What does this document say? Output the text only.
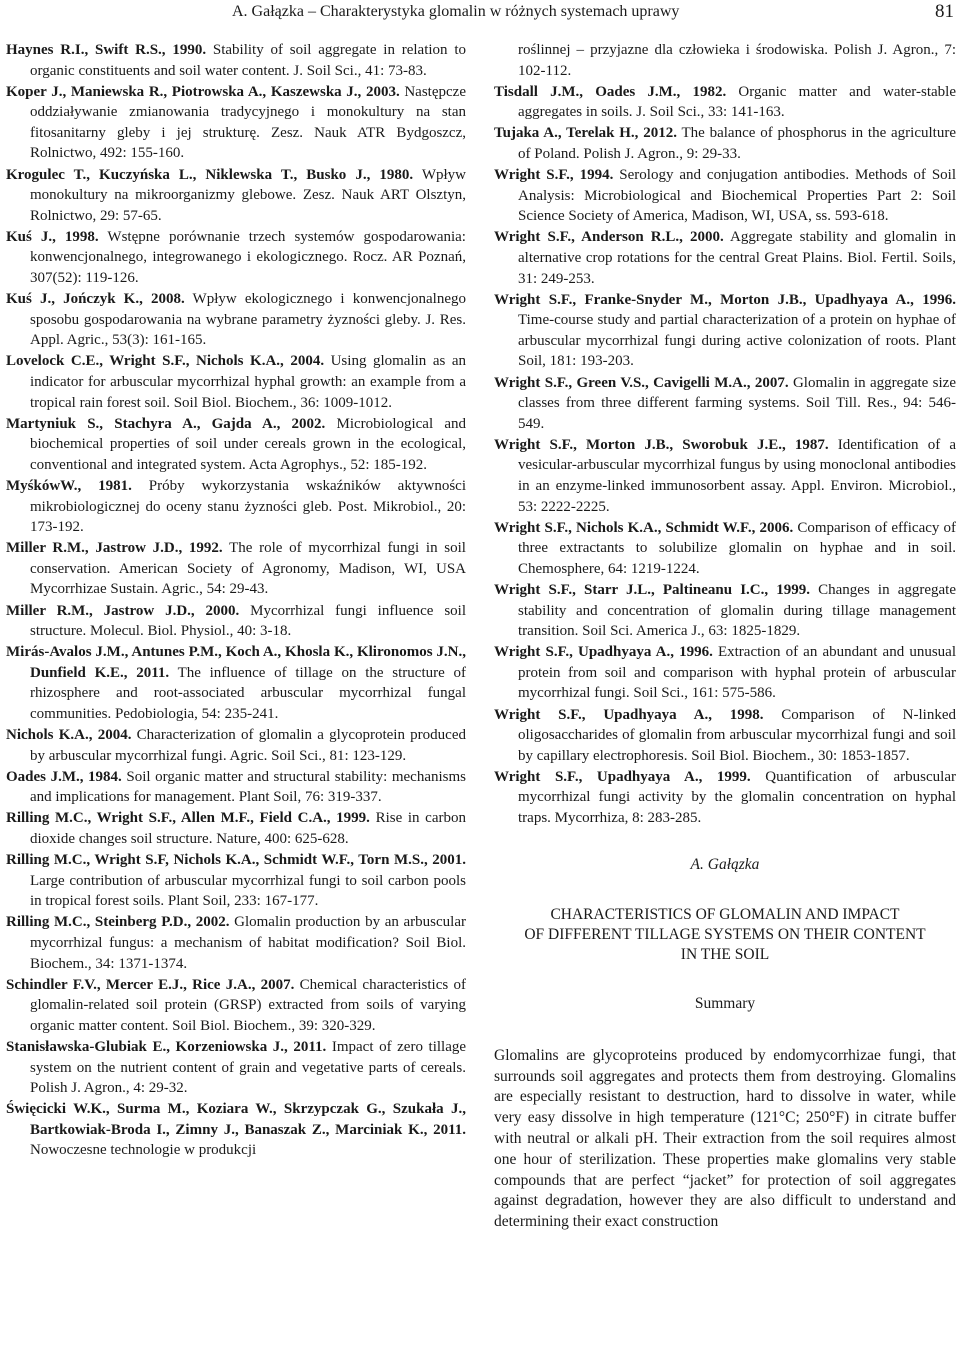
A. Gałązka – Charakterystyka glomalin w różnych systemach uprawy	81

Haynes R.I., Swift R.S., 1990. Stability of soil aggregate in relation to organic constituents and soil water content. J. Soil Sci., 41: 73-83.

Koper J., Maniewska R., Piotrowska A., Kaszewska J., 2003. Następcze oddziaływanie zmianowania tradycyjnego i monokultury na stan fitosanitarny gleby i jej strukturę. Zesz. Nauk ATR Bydgoszcz, Rolnictwo, 492: 155-160.

Krogulec T., Kuczyńska L., Niklewska T., Busko J., 1980. Wpływ monokultury na mikroorganizmy glebowe. Zesz. Nauk ART Olsztyn, Rolnictwo, 29: 57-65.

Kuś J., 1998. Wstępne porównanie trzech systemów gospodarowania: konwencjonalnego, integrowanego i ekologicznego. Rocz. AR Poznań, 307(52): 119-126.

Kuś J., Jończyk K., 2008. Wpływ ekologicznego i konwencjonalnego sposobu gospodarowania na wybrane parametry żyzności gleby. J. Res. Appl. Agric., 53(3): 161-165.

Lovelock C.E., Wright S.F., Nichols K.A., 2004. Using glomalin as an indicator for arbuscular mycorrhizal hyphal growth: an example from a tropical rain forest soil. Soil Biol. Biochem., 36: 1009-1012.

Martyniuk S., Stachyra A., Gajda A., 2002. Microbiological and biochemical properties of soil under cereals grown in the ecological, conventional and integrated system. Acta Agrophys., 52: 185-192.

MyśkówW., 1981. Próby wykorzystania wskaźników aktywności mikrobiologicznej do oceny stanu żyzności gleb. Post. Mikrobiol., 20: 173-192.

Miller R.M., Jastrow J.D., 1992. The role of mycorrhizal fungi in soil conservation. American Society of Agronomy, Madison, WI, USA Mycorrhizae Sustain. Agric., 54: 29-43.

Miller R.M., Jastrow J.D., 2000. Mycorrhizal fungi influence soil structure. Molecul. Biol. Physiol., 40: 3-18.

Mirás-Avalos J.M., Antunes P.M., Koch A., Khosla K., Klironomos J.N., Dunfield K.E., 2011. The influence of tillage on the structure of rhizosphere and root-associated arbuscular mycorrhizal fungal communities. Pedobiologia, 54: 235-241.

Nichols K.A., 2004. Characterization of glomalin a glycoprotein produced by arbuscular mycorrhizal fungi. Agric. Soil Sci., 81: 123-129.

Oades J.M., 1984. Soil organic matter and structural stability: mechanisms and implications for management. Plant Soil, 76: 319-337.

Rilling M.C., Wright S.F., Allen M.F., Field C.A., 1999. Rise in carbon dioxide changes soil structure. Nature, 400: 625-628.

Rilling M.C., Wright S.F, Nichols K.A., Schmidt W.F., Torn M.S., 2001. Large contribution of arbuscular mycorrhizal fungi to soil carbon pools in tropical forest soils. Plant Soil, 233: 167-177.

Rilling M.C., Steinberg P.D., 2002. Glomalin production by an arbuscular mycorrhizal fungus: a mechanism of habitat modification? Soil Biol. Biochem., 34: 1371-1374.

Schindler F.V., Mercer E.J., Rice J.A., 2007. Chemical characteristics of glomalin-related soil protein (GRSP) extracted from soils of varying organic matter content. Soil Biol. Biochem., 39: 320-329.

Stanisławska-Glubiak E., Korzeniowska J., 2011. Impact of zero tillage system on the nutrient content of grain and vegetative parts of cereals. Polish J. Agron., 4: 29-32.

Święcicki W.K., Surma M., Koziara W., Skrzypczak G., Szukała J., Bartkowiak-Broda I., Zimny J., Banaszak Z., Marciniak K., 2011. Nowoczesne technologie w produkcji

roślinnej – przyjazne dla człowieka i środowiska. Polish J. Agron., 7: 102-112.

Tisdall J.M., Oades J.M., 1982. Organic matter and water-stable aggregates in soils. J. Soil Sci., 33: 141-163.

Tujaka A., Terelak H., 2012. The balance of phosphorus in the agriculture of Poland. Polish J. Agron., 9: 29-33.

Wright S.F., 1994. Serology and conjugation antibodies. Methods of Soil Analysis: Microbiological and Biochemical Properties Part 2: Soil Science Society of America, Madison, WI, USA, ss. 593-618.

Wright S.F., Anderson R.L., 2000. Aggregate stability and glomalin in alternative crop rotations for the central Great Plains. Biol. Fertil. Soils, 31: 249-253.

Wright S.F., Franke-Snyder M., Morton J.B., Upadhyaya A., 1996. Time-course study and partial characterization of a protein on hyphae of arbuscular mycorrhizal fungi during active colonization of roots. Plant Soil, 181: 193-203.

Wright S.F., Green V.S., Cavigelli M.A., 2007. Glomalin in aggregate size classes from three different farming systems. Soil Till. Res., 94: 546-549.

Wright S.F., Morton J.B., Sworobuk J.E., 1987. Identification of a vesicular-arbuscular mycorrhizal fungus by using monoclonal antibodies in an enzyme-linked immunosorbent assay. Appl. Environ. Microbiol., 53: 2222-2225.

Wright S.F., Nichols K.A., Schmidt W.F., 2006. Comparison of efficacy of three extractants to solubilize glomalin on hyphae and in soil. Chemosphere, 64: 1219-1224.

Wright S.F., Starr J.L., Paltineanu I.C., 1999. Changes in aggregate stability and concentration of glomalin during tillage management transition. Soil Sci. America J., 63: 1825-1829.

Wright S.F., Upadhyaya A., 1996. Extraction of an abundant and unusual protein from soil and comparison with hyphal protein of arbuscular mycorrhizal fungi. Soil Sci., 161: 575-586.

Wright S.F., Upadhyaya A., 1998. Comparison of N-linked oligosaccharides of glomalin from arbuscular mycorrhizal fungi and soil by capillary electrophoresis. Soil Biol. Biochem., 30: 1853-1857.

Wright S.F., Upadhyaya A., 1999. Quantification of arbuscular mycorrhizal fungi activity by the glomalin concentration on hyphal traps. Mycorrhiza, 8: 283-285.

A. Gałązka
CHARACTERISTICS OF GLOMALIN AND IMPACT
OF DIFFERENT TILLAGE SYSTEMS ON THEIR CONTENT
IN THE SOIL
Summary

Glomalins are glycoproteins produced by endomycorrhizae fungi, that surrounds soil aggregates and protects them from destroying. Glomalins are especially resistant to destruction, hard to dissolve in water, while very easy dissolve in high temperature (121°C; 250°F) in citrate buffer with neutral or alkali pH. Their extraction from the soil requires almost one hour of sterilization. These properties make glomalins very stable compounds that are perfect “jacket” for protection of soil aggregates against degradation, however they are also difficult to understand and determining their exact construction
